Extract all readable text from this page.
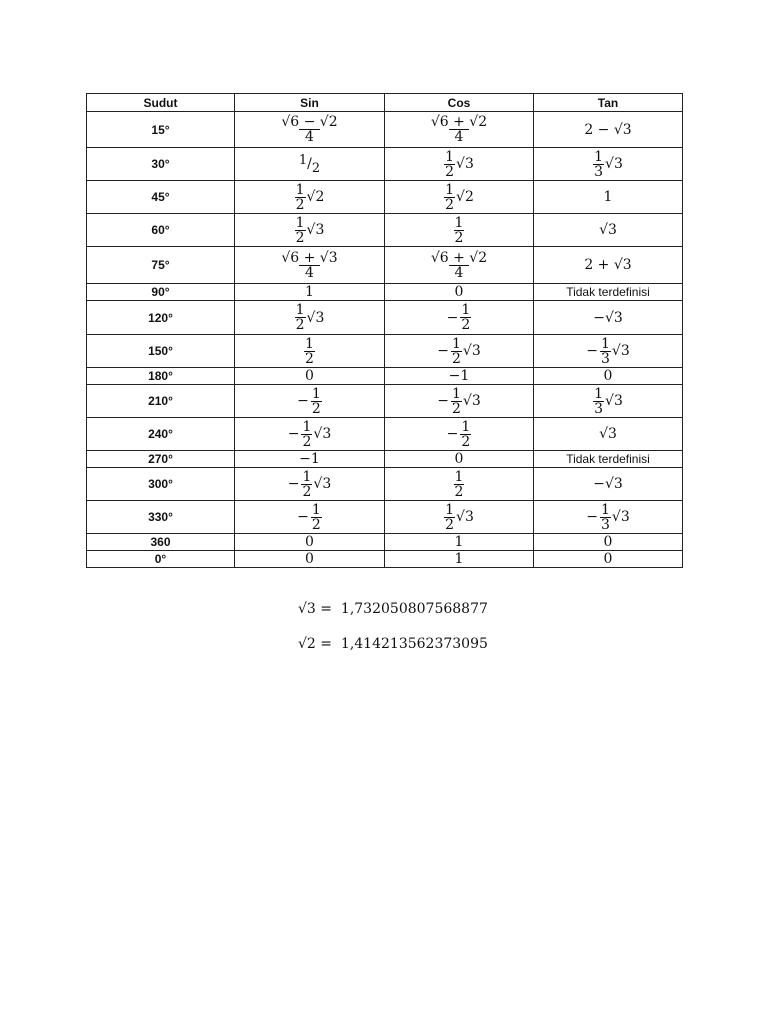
Sudut	Sin	Cos	Tan
15°	$\frac{√6 - √2}{4}$	$\frac{√6 + √2}{4}$	2 − √3
30°	$^1/_2$	$\frac{1}{2} √3$	$\frac{1}{3} √3$
45°	$\frac{1}{2} √2$	$\frac{1}{2} √2$	1
60°	$\frac{1}{2} √3$	$\frac{1}{2}$	√3
75°	$\frac{√6 + √3}{4}$	$\frac{√6 + √2}{4}$	2 + √3
90°	1	0	Tidak terdefinisi
120°	$\frac{1}{2} √3$	− $\frac{1}{2}$	−√3
150°	$\frac{1}{2}$	− $\frac{1}{2} √3$	− $\frac{1}{3} √3$
180°	0	−1	0
210°	− $\frac{1}{2}$	− $\frac{1}{2} √3$	$\frac{1}{3} √3$
240°	− $\frac{1}{2} √3$	− $\frac{1}{2}$	√3
270°	−1	0	Tidak terdefinisi
300°	− $\frac{1}{2} √3$	$\frac{1}{2}$	−√3
330°	− $\frac{1}{2}$	$\frac{1}{2} √3$	− $\frac{1}{3} √3$
360	0	1	0
0°	0	1	0
√3 = 1,732050807568877
√2 = 1,414213562373095
